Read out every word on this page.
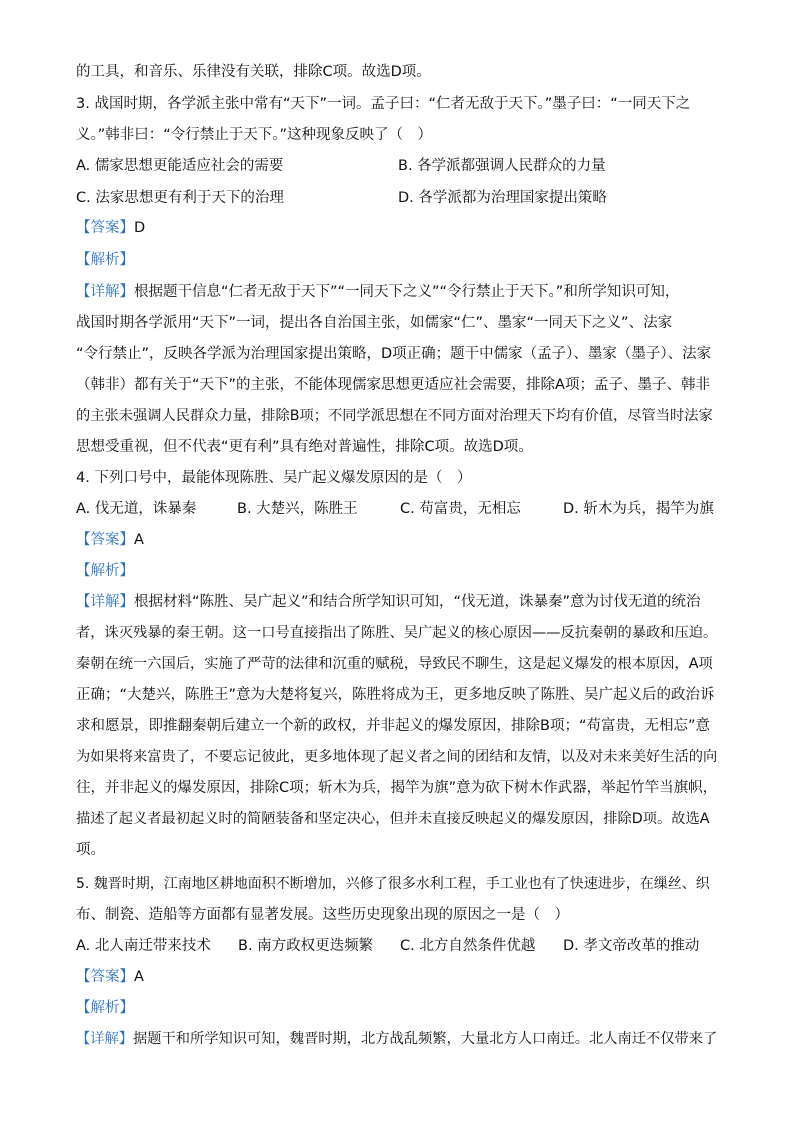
的工具，和音乐、乐律没有关联，排除C项。故选D项。
3. 战国时期，各学派主张中常有“天下”一词。孟子曰：“仁者无敌于天下。”墨子曰：“一同天下之
义。”韩非曰：“令行禁止于天下。”这种现象反映了（　）
A. 儒家思想更能适应社会的需要	B. 各学派都强调人民群众的力量
C. 法家思想更有利于天下的治理	D. 各学派都为治理国家提出策略
【答案】D
【解析】
【详解】根据题干信息“仁者无敌于天下”“一同天下之义”“令行禁止于天下。”和所学知识可知，
战国时期各学派用“天下”一词，提出各自治国主张，如儒家“仁”、墨家“一同天下之义”、法家
“令行禁止”，反映各学派为治理国家提出策略，D项正确；题干中儒家（孟子）、墨家（墨子）、法家
（韩非）都有关于“天下”的主张，不能体现儒家思想更适应社会需要，排除A项；孟子、墨子、韩非
的主张未强调人民群众力量，排除B项；不同学派思想在不同方面对治理天下均有价值，尽管当时法家
思想受重视，但不代表“更有利”具有绝对普遍性，排除C项。故选D项。
4. 下列口号中，最能体现陈胜、吴广起义爆发原因的是（　）
A. 伐无道，诛暴秦	B. 大楚兴，陈胜王	C. 苟富贵，无相忘	D. 斩木为兵，揭竿为旗
【答案】A
【解析】
【详解】根据材料“陈胜、吴广起义”和结合所学知识可知，“伐无道，诛暴秦”意为讨伐无道的统治
者，诛灭残暴的秦王朝。这一口号直接指出了陈胜、吴广起义的核心原因——反抗秦朝的暴政和压迫。
秦朝在统一六国后，实施了严苛的法律和沉重的赋税，导致民不聊生，这是起义爆发的根本原因，A项
正确；“大楚兴，陈胜王”意为大楚将复兴，陈胜将成为王，更多地反映了陈胜、吴广起义后的政治诉
求和愿景，即推翻秦朝后建立一个新的政权，并非起义的爆发原因，排除B项；“苟富贵，无相忘”意
为如果将来富贵了，不要忘记彼此，更多地体现了起义者之间的团结和友情，以及对未来美好生活的向
往，并非起义的爆发原因，排除C项；斩木为兵，揭竿为旗”意为砍下树木作武器，举起竹竿当旗帜，
描述了起义者最初起义时的简陋装备和坚定决心，但并未直接反映起义的爆发原因，排除D项。故选A
项。
5. 魏晋时期，江南地区耕地面积不断增加，兴修了很多水利工程，手工业也有了快速进步，在缫丝、织
布、制瓷、造船等方面都有显著发展。这些历史现象出现的原因之一是（　）
A. 北人南迁带来技术 B. 南方政权更迭频繁 C. 北方自然条件优越 D. 孝文帝改革的推动
【答案】A
【解析】
【详解】据题干和所学知识可知，魏晋时期，北方战乱频繁，大量北方人口南迁。北人南迁不仅带来了
